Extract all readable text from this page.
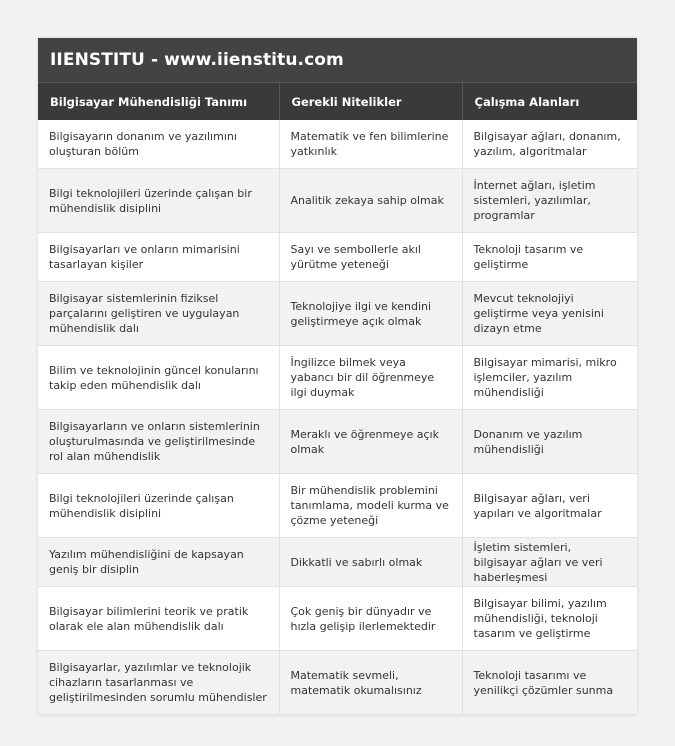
IIENSTITU - www.iienstitu.com
Bilgisayar Mühendisliği Tanımı	Gerekli Nitelikler	Çalışma Alanları
Bilgisayarın donanım ve yazılımını oluşturan bölüm	Matematik ve fen bilimlerine yatkınlık	Bilgisayar ağları, donanım, yazılım, algoritmalar
Bilgi teknolojileri üzerinde çalışan bir mühendislik disiplini	Analitik zekaya sahip olmak	İnternet ağları, işletim sistemleri, yazılımlar, programlar
Bilgisayarları ve onların mimarisini tasarlayan kişiler	Sayı ve sembollerle akıl yürütme yeteneği	Teknoloji tasarım ve geliştirme
Bilgisayar sistemlerinin fiziksel parçalarını geliştiren ve uygulayan mühendislik dalı	Teknolojiye ilgi ve kendini geliştirmeye açık olmak	Mevcut teknolojiyi geliştirme veya yenisini dizayn etme
Bilim ve teknolojinin güncel konularını takip eden mühendislik dalı	İngilizce bilmek veya yabancı bir dil öğrenmeye ilgi duymak	Bilgisayar mimarisi, mikro işlemciler, yazılım mühendisliği
Bilgisayarların ve onların sistemlerinin oluşturulmasında ve geliştirilmesinde rol alan mühendislik	Meraklı ve öğrenmeye açık olmak	Donanım ve yazılım mühendisliği
Bilgi teknolojileri üzerinde çalışan mühendislik disiplini	Bir mühendislik problemini tanımlama, modeli kurma ve çözme yeteneği	Bilgisayar ağları, veri yapıları ve algoritmalar
Yazılım mühendisliğini de kapsayan geniş bir disiplin	Dikkatli ve sabırlı olmak	İşletim sistemleri, bilgisayar ağları ve veri haberleşmesi
Bilgisayar bilimlerini teorik ve pratik olarak ele alan mühendislik dalı	Çok geniş bir dünyadır ve hızla gelişip ilerlemektedir	Bilgisayar bilimi, yazılım mühendisliği, teknoloji tasarım ve geliştirme
Bilgisayarlar, yazılımlar ve teknolojik cihazların tasarlanması ve geliştirilmesinden sorumlu mühendisler	Matematik sevmeli, matematik okumalısınız	Teknoloji tasarımı ve yenilikçi çözümler sunma
